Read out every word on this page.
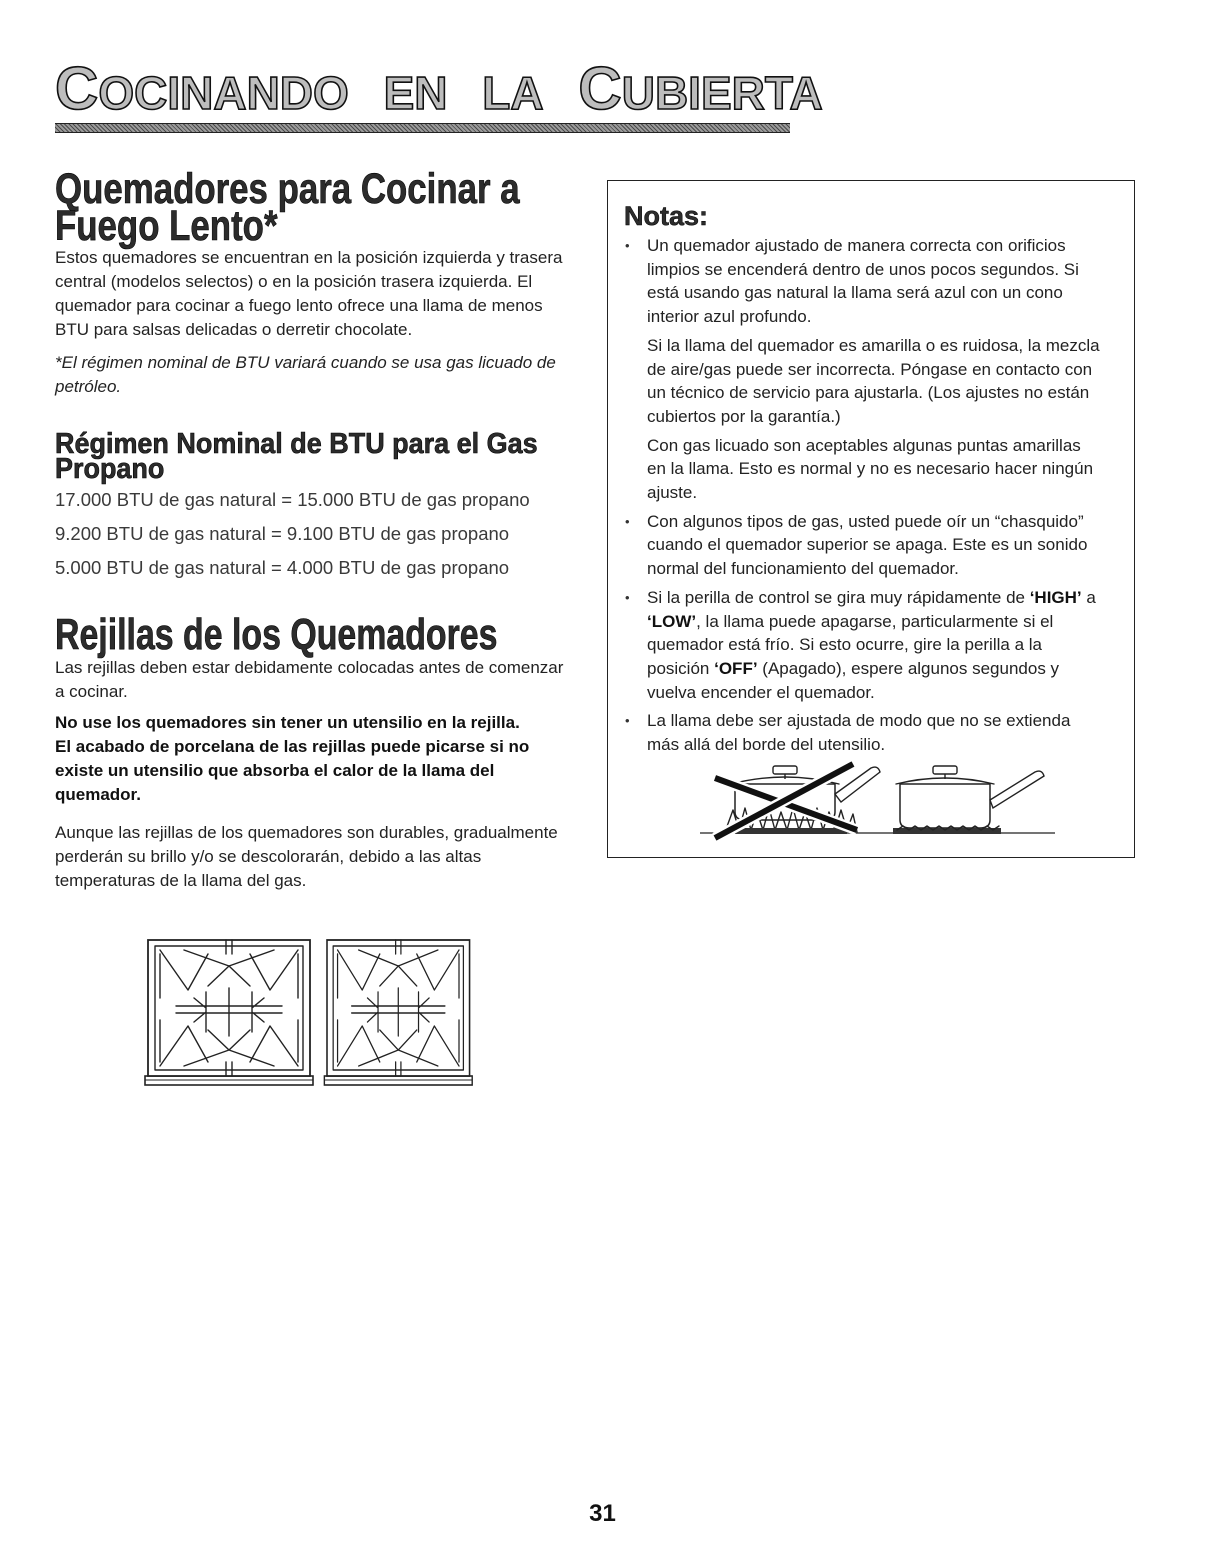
COCINANDO EN LA CUBIERTA
Quemadores para Cocinar a Fuego Lento*
Estos quemadores se encuentran en la posición izquierda y trasera central (modelos selectos) o en la posición trasera izquierda. El quemador para cocinar a fuego lento ofrece una llama de menos BTU para salsas delicadas o derretir chocolate.
*El régimen nominal de BTU variará cuando se usa gas licuado de petróleo.
Régimen Nominal de BTU para el Gas Propano
17.000 BTU de gas natural = 15.000 BTU de gas propano
9.200 BTU de gas natural = 9.100 BTU de gas propano
5.000 BTU de gas natural = 4.000 BTU de gas propano
Rejillas de los Quemadores
Las rejillas deben estar debidamente colocadas antes de comenzar a cocinar.
No use los quemadores sin tener un utensilio en la rejilla.
El acabado de porcelana de las rejillas puede picarse si no existe un utensilio que absorba el calor de la llama del quemador.
Aunque las rejillas de los quemadores son durables, gradualmente perderán su brillo y/o se descolorarán, debido a las altas temperaturas de la llama del gas.
Notas:

• Un quemador ajustado de manera correcta con orificios limpios se encenderá dentro de unos pocos segundos. Si está usando gas natural la llama será azul con un cono interior azul profundo.

Si la llama del quemador es amarilla o es ruidosa, la mezcla de aire/gas puede ser incorrecta. Póngase en contacto con un técnico de servicio para ajustarla. (Los ajustes no están cubiertos por la garantía.)

Con gas licuado son aceptables algunas puntas amarillas en la llama. Esto es normal y no es necesario hacer ningún ajuste.

• Con algunos tipos de gas, usted puede oír un “chasquido” cuando el quemador superior se apaga. Este es un sonido normal del funcionamiento del quemador.

• Si la perilla de control se gira muy rápidamente de ‘HIGH’ a ‘LOW’, la llama puede apagarse, particularmente si el quemador está frío. Si esto ocurre, gire la perilla a la posición ‘OFF’ (Apagado), espere algunos segundos y vuelva encender el quemador.

• La llama debe ser ajustada de modo que no se extienda más allá del borde del utensilio.

31
